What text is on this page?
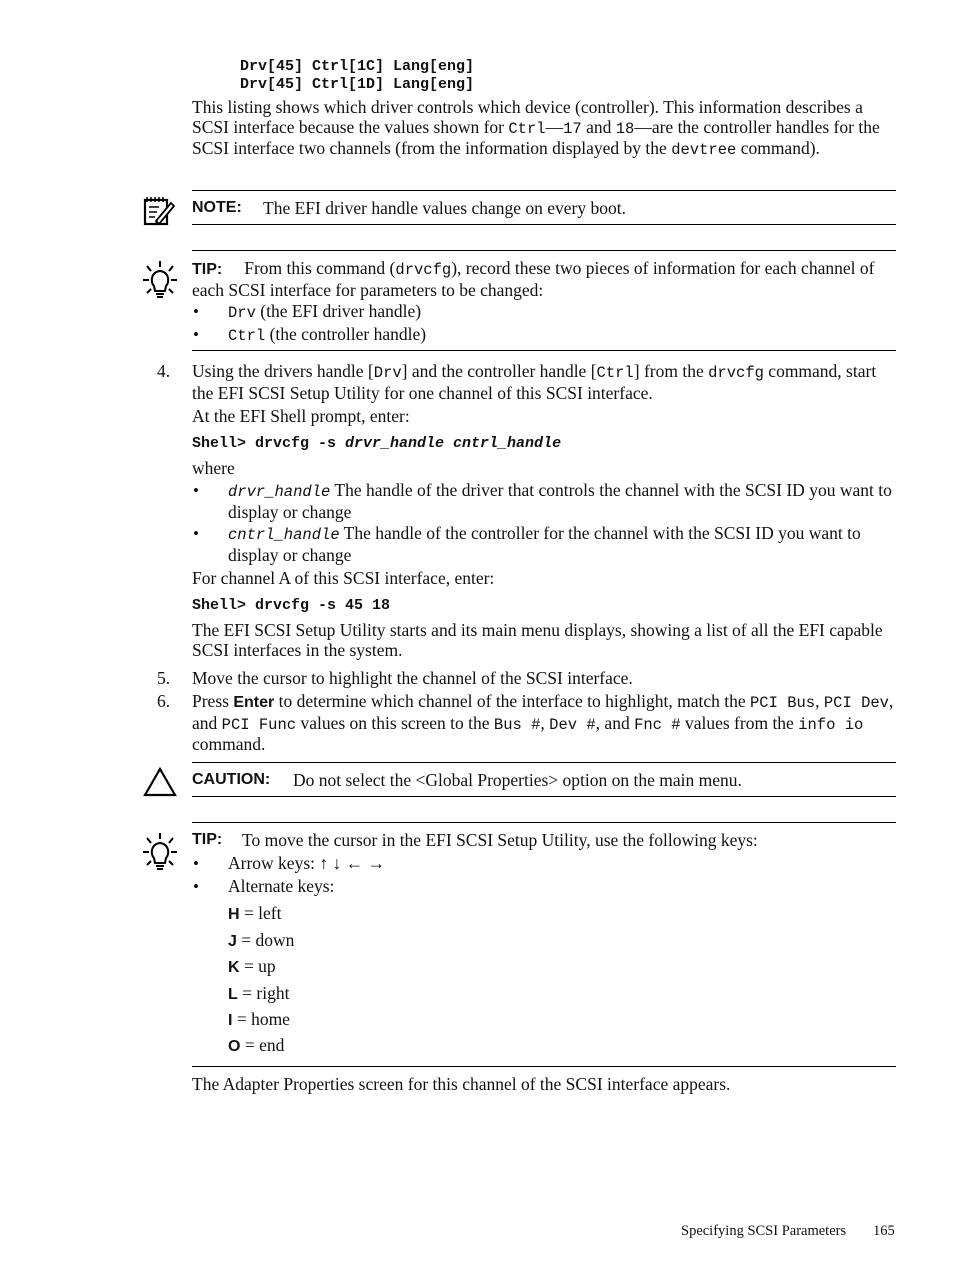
Drv[45] Ctrl[1C] Lang[eng]
Drv[45] Ctrl[1D] Lang[eng]
This listing shows which driver controls which device (controller). This information describes a SCSI interface because the values shown for Ctrl—17 and 18—are the controller handles for the SCSI interface two channels (from the information displayed by the devtree command).
NOTE: The EFI driver handle values change on every boot.
TIP: From this command (drvcfg), record these two pieces of information for each channel of each SCSI interface for parameters to be changed:
• Drv (the EFI driver handle)
• Ctrl (the controller handle)
4. Using the drivers handle [Drv] and the controller handle [Ctrl] from the drvcfg command, start the EFI SCSI Setup Utility for one channel of this SCSI interface.
At the EFI Shell prompt, enter:
Shell> drvcfg -s drvr_handle cntrl_handle
where
• drvr_handle The handle of the driver that controls the channel with the SCSI ID you want to display or change
• cntrl_handle The handle of the controller for the channel with the SCSI ID you want to display or change
For channel A of this SCSI interface, enter:
Shell> drvcfg -s 45 18
The EFI SCSI Setup Utility starts and its main menu displays, showing a list of all the EFI capable SCSI interfaces in the system.
5. Move the cursor to highlight the channel of the SCSI interface.
6. Press Enter to determine which channel of the interface to highlight, match the PCI Bus, PCI Dev, and PCI Func values on this screen to the Bus #, Dev #, and Fnc # values from the info io command.
CAUTION: Do not select the <Global Properties> option on the main menu.
TIP: To move the cursor in the EFI SCSI Setup Utility, use the following keys:
• Arrow keys: ↑ ↓ ← →
• Alternate keys:
H = left
J = down
K = up
L = right
I = home
O = end
The Adapter Properties screen for this channel of the SCSI interface appears.
Specifying SCSI Parameters 165
